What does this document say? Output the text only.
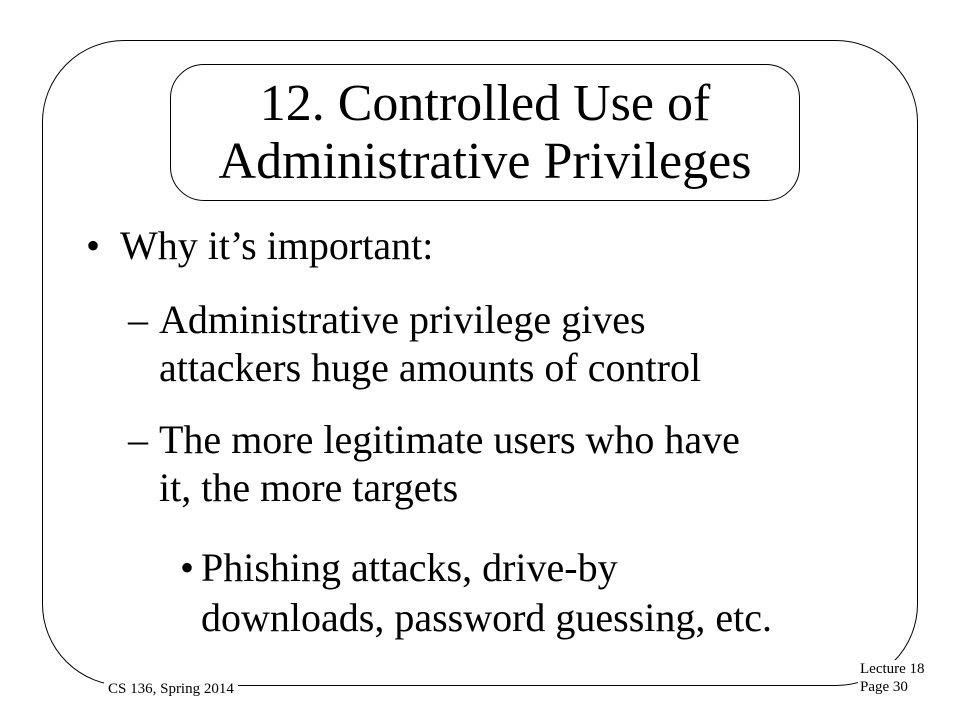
12. Controlled Use of
Administrative Privileges
• Why it’s important:
– Administrative privilege gives
attackers huge amounts of control
– The more legitimate users who have
it, the more targets
• Phishing attacks, drive-by
downloads, password guessing, etc.
CS 136, Spring 2014
Lecture 18
Page 30
